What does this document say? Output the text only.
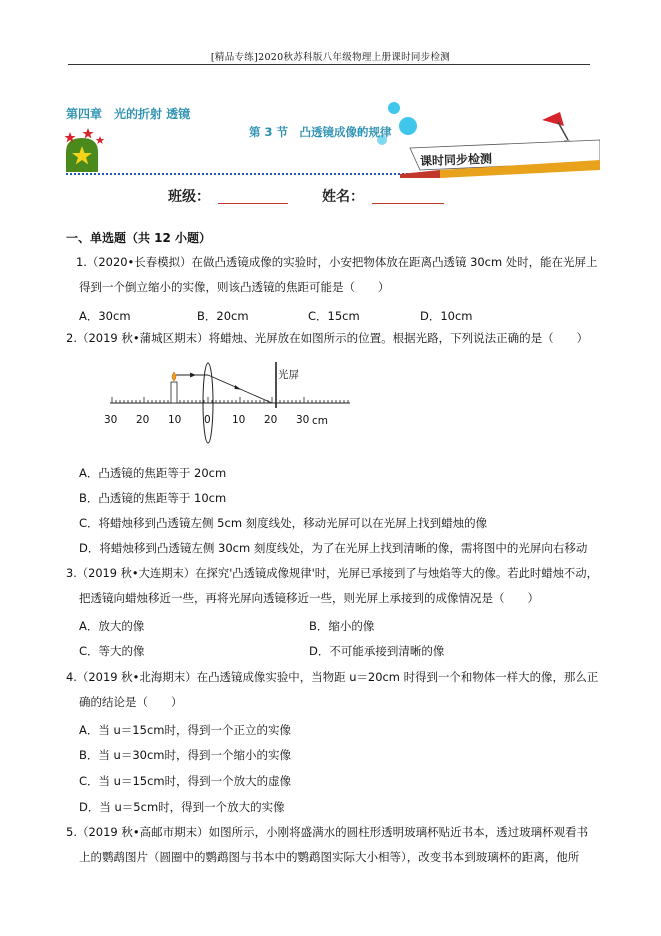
[精品专练]2020秋苏科版八年级物理上册课时同步检测
第四章　光的折射 透镜
第 3 节　凸透镜成像的规律
课时同步检测
班级：	姓名：
一、单选题（共 12 小题）
1.（2020•长春模拟）在做凸透镜成像的实验时，小安把物体放在距离凸透镜 30cm 处时，能在光屏上
得到一个倒立缩小的实像，则该凸透镜的焦距可能是（　　）
A．30cm	B．20cm	C．15cm	D．10cm
2.（2019 秋•蒲城区期末）将蜡烛、光屏放在如图所示的位置。根据光路，下列说法正确的是（　　）
光屏
30 20 10 0 10 20 30 cm
A．凸透镜的焦距等于 20cm
B．凸透镜的焦距等于 10cm
C．将蜡烛移到凸透镜左侧 5cm 刻度线处，移动光屏可以在光屏上找到蜡烛的像
D．将蜡烛移到凸透镜左侧 30cm 刻度线处，为了在光屏上找到清晰的像，需将图中的光屏向右移动
3.（2019 秋•大连期末）在探究'凸透镜成像规律'时，光屏已承接到了与烛焰等大的像。若此时蜡烛不动，
把透镜向蜡烛移近一些，再将光屏向透镜移近一些，则光屏上承接到的成像情况是（　　）
A．放大的像	B．缩小的像
C．等大的像	D．不可能承接到清晰的像
4.（2019 秋•北海期末）在凸透镜成像实验中，当物距 u＝20cm 时得到一个和物体一样大的像，那么正
确的结论是（　　）
A．当 u＝15cm时，得到一个正立的实像
B．当 u＝30cm时，得到一个缩小的实像
C．当 u＝15cm时，得到一个放大的虚像
D．当 u＝5cm时，得到一个放大的实像
5.（2019 秋•高邮市期末）如图所示，小刚将盛满水的圆柱形透明玻璃杯贴近书本，透过玻璃杯观看书
上的鹦鹉图片（圆圈中的鹦鹉图与书本中的鹦鹉图实际大小相等），改变书本到玻璃杯的距离，他所
